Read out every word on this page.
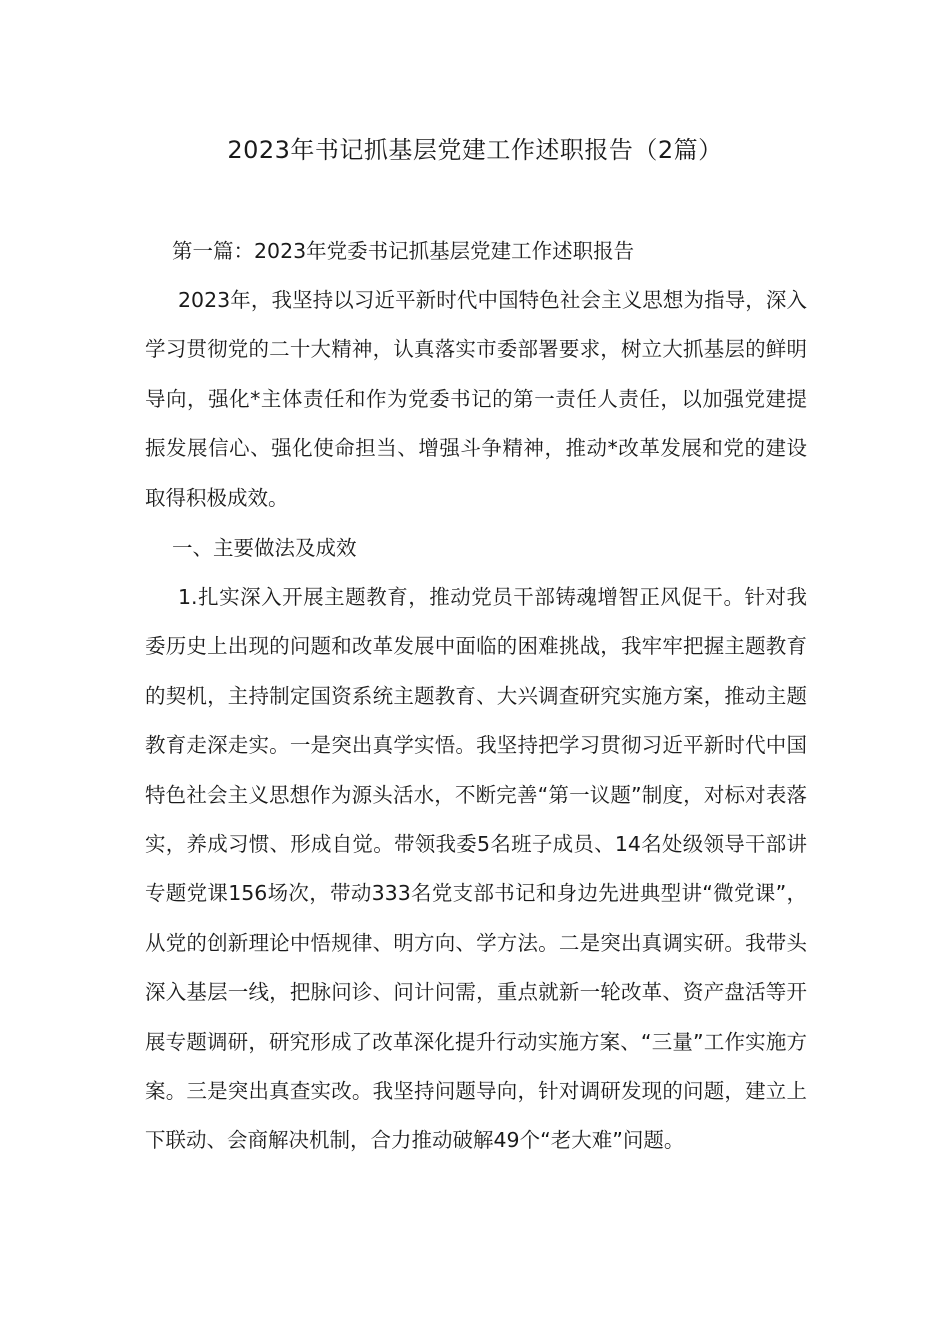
2023年书记抓基层党建工作述职报告（2篇）

第一篇：2023年党委书记抓基层党建工作述职报告

2023年，我坚持以习近平新时代中国特色社会主义思想为指导，深入学习贯彻党的二十大精神，认真落实市委部署要求，树立大抓基层的鲜明导向，强化*主体责任和作为党委书记的第一责任人责任，以加强党建提振发展信心、强化使命担当、增强斗争精神，推动*改革发展和党的建设取得积极成效。

一、主要做法及成效

1.扎实深入开展主题教育，推动党员干部铸魂增智正风促干。针对我委历史上出现的问题和改革发展中面临的困难挑战，我牢牢把握主题教育的契机，主持制定国资系统主题教育、大兴调查研究实施方案，推动主题教育走深走实。一是突出真学实悟。我坚持把学习贯彻习近平新时代中国特色社会主义思想作为源头活水，不断完善“第一议题”制度，对标对表落实，养成习惯、形成自觉。带领我委5名班子成员、14名处级领导干部讲专题党课156场次，带动333名党支部书记和身边先进典型讲“微党课”，从党的创新理论中悟规律、明方向、学方法。二是突出真调实研。我带头深入基层一线，把脉问诊、问计问需，重点就新一轮改革、资产盘活等开展专题调研，研究形成了改革深化提升行动实施方案、“三量”工作实施方案。三是突出真查实改。我坚持问题导向，针对调研发现的问题，建立上下联动、会商解决机制，合力推动破解49个“老大难”问题。
